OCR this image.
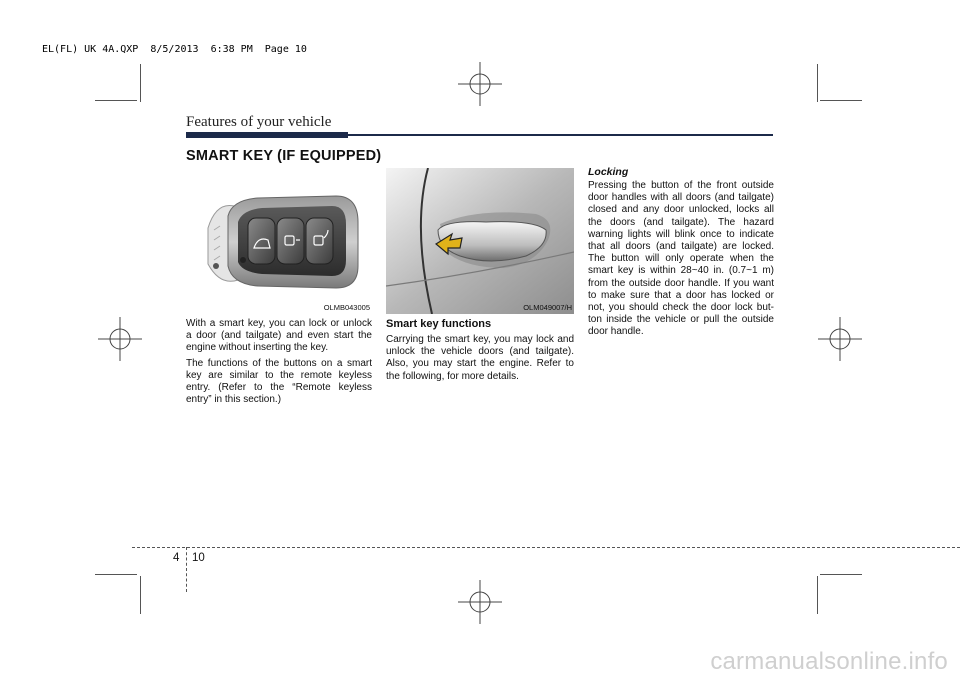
EL(FL) UK 4A.QXP  8/5/2013  6:38 PM  Page 10
Features of your vehicle
SMART KEY (IF EQUIPPED)
OLMB043005	OLM049007/H

With a smart key, you can lock or unlock a door (and tailgate) and even start the engine without inserting the key.

The functions of the buttons on a smart key are similar to the remote keyless entry. (Refer to the “Remote keyless entry” in this section.)

Smart key functions

Carrying the smart key, you may lock and unlock the vehicle doors (and tailgate). Also, you may start the engine. Refer to the following, for more details.

Locking

Pressing the button of the front outside door handles with all doors (and tailgate) closed and any door unlocked, locks all the doors (and tailgate). The hazard warning lights will blink once to indicate that all doors (and tailgate) are locked. The button will only operate when the smart key is within 28~40 in. (0.7~1 m) from the outside door handle. If you want to make sure that a door has locked or not, you should check the door lock but-ton inside the vehicle or pull the outside door handle.

4 10
carmanualsonline.info
